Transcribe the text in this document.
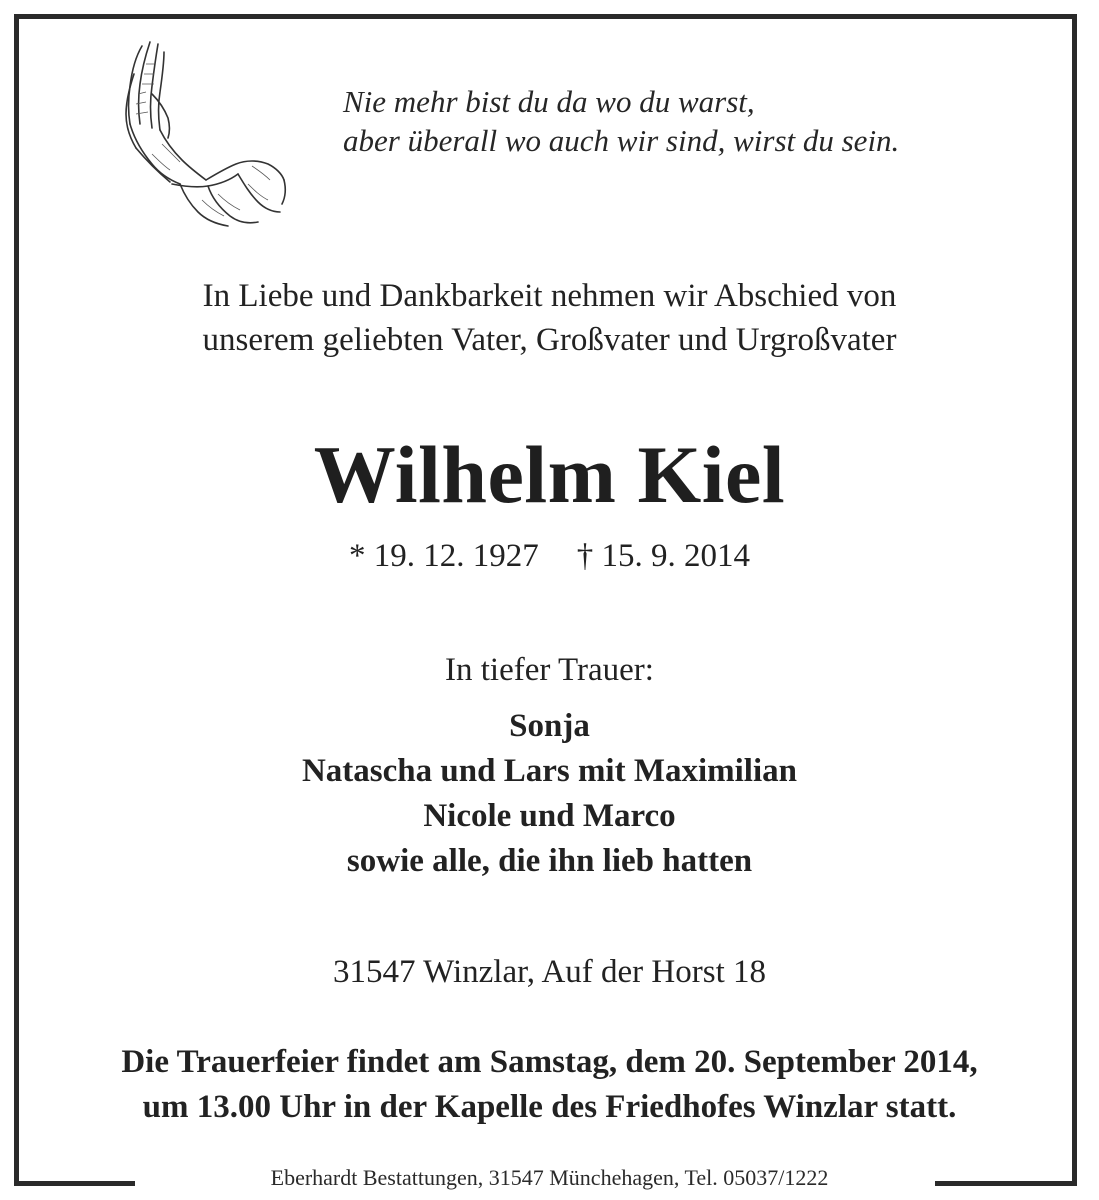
Nie mehr bist du da wo du warst,
aber überall wo auch wir sind, wirst du sein.
In Liebe und Dankbarkeit nehmen wir Abschied von
unserem geliebten Vater, Großvater und Urgroßvater
Wilhelm Kiel
* 19. 12. 1927 † 15. 9. 2014
In tiefer Trauer:
Sonja
Natascha und Lars mit Maximilian
Nicole und Marco
sowie alle, die ihn lieb hatten
31547 Winzlar, Auf der Horst 18
Die Trauerfeier findet am Samstag, dem 20. September 2014,
um 13.00 Uhr in der Kapelle des Friedhofes Winzlar statt.
Eberhardt Bestattungen, 31547 Münchehagen, Tel. 05037/1222
